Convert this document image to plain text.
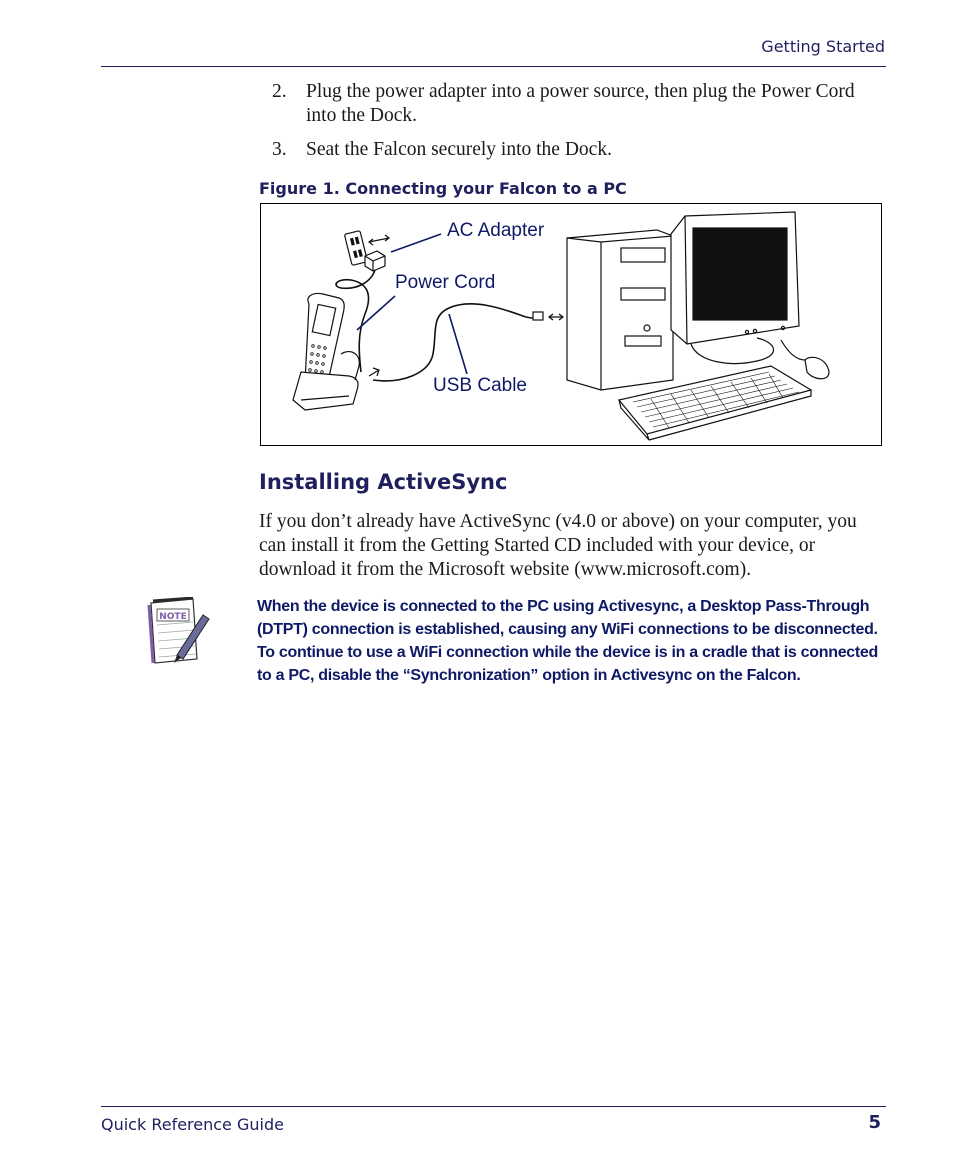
Getting Started
2. Plug the power adapter into a power source, then plug the Power Cord into the Dock.
3. Seat the Falcon securely into the Dock.
Figure 1. Connecting your Falcon to a PC
AC Adapter
Power Cord
USB Cable
Installing ActiveSync

If you don’t already have ActiveSync (v4.0 or above) on your computer, you can install it from the Getting Started CD included with your device, or download it from the Microsoft website (www.microsoft.com).

NOTE

When the device is connected to the PC using Activesync, a Desktop Pass-Through (DTPT) connection is established, causing any WiFi connections to be disconnected. To continue to use a WiFi connection while the device is in a cradle that is connected to a PC, disable the “Synchronization” option in Activesync on the Falcon.

Quick Reference Guide	5
